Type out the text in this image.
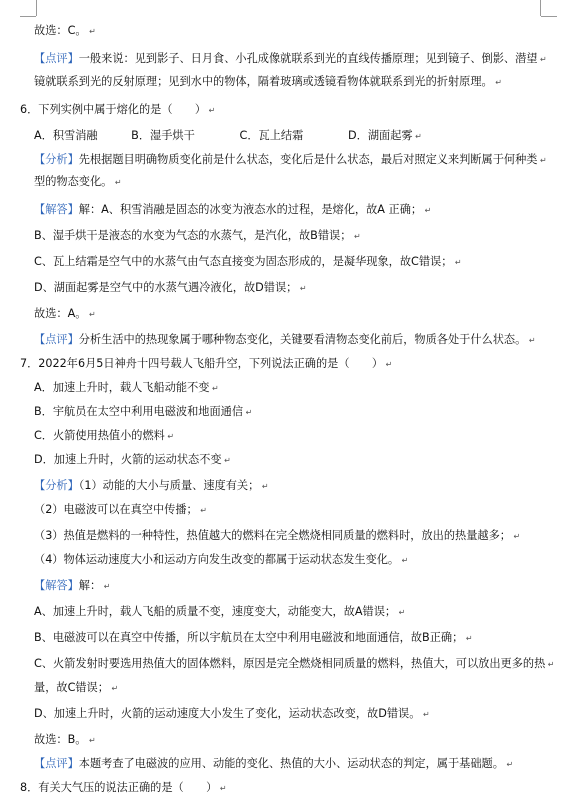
故选：C。 ↵
【点评】一般来说：见到影子、日月食、小孔成像就联系到光的直线传播原理；见到镜子、倒影、潜望 ↵
镜就联系到光的反射原理；见到水中的物体，隔着玻璃或透镜看物体就联系到光的折射原理。 ↵
6．下列实例中属于熔化的是（　　） ↵
A．积雪消融　　　B．湿手烘干　　　　C．瓦上结霜　　　　D．湖面起雾 ↵
【分析】先根据题目明确物质变化前是什么状态，变化后是什么状态，最后对照定义来判断属于何种类 ↵
型的物态变化。 ↵
【解答】解：A、积雪消融是固态的冰变为液态水的过程，是熔化，故A 正确； ↵
B、湿手烘干是液态的水变为气态的水蒸气，是汽化，故B错误； ↵
C、瓦上结霜是空气中的水蒸气由气态直接变为固态形成的，是凝华现象，故C错误； ↵
D、湖面起雾是空气中的水蒸气遇冷液化，故D错误； ↵
故选：A。 ↵
【点评】分析生活中的热现象属于哪种物态变化，关键要看清物态变化前后，物质各处于什么状态。 ↵
7．2022年6月5日神舟十四号载人飞船升空，下列说法正确的是（　　） ↵
A．加速上升时，载人飞船动能不变 ↵
B．宇航员在太空中利用电磁波和地面通信 ↵
C．火箭使用热值小的燃料 ↵
D．加速上升时，火箭的运动状态不变 ↵
【分析】（1）动能的大小与质量、速度有关； ↵
（2）电磁波可以在真空中传播； ↵
（3）热值是燃料的一种特性，热值越大的燃料在完全燃烧相同质量的燃料时，放出的热量越多； ↵
（4）物体运动速度大小和运动方向发生改变的都属于运动状态发生变化。 ↵
【解答】解： ↵
A、加速上升时，载人飞船的质量不变，速度变大，动能变大，故A错误； ↵
B、电磁波可以在真空中传播，所以宇航员在太空中利用电磁波和地面通信，故B正确； ↵
C、火箭发射时要选用热值大的固体燃料，原因是完全燃烧相同质量的燃料，热值大，可以放出更多的热 ↵
量，故C错误； ↵
D、加速上升时，火箭的运动速度大小发生了变化，运动状态改变，故D错误。 ↵
故选：B。 ↵
【点评】本题考查了电磁波的应用、动能的变化、热值的大小、运动状态的判定，属于基础题。 ↵
8．有关大气压的说法正确的是（　　） ↵
